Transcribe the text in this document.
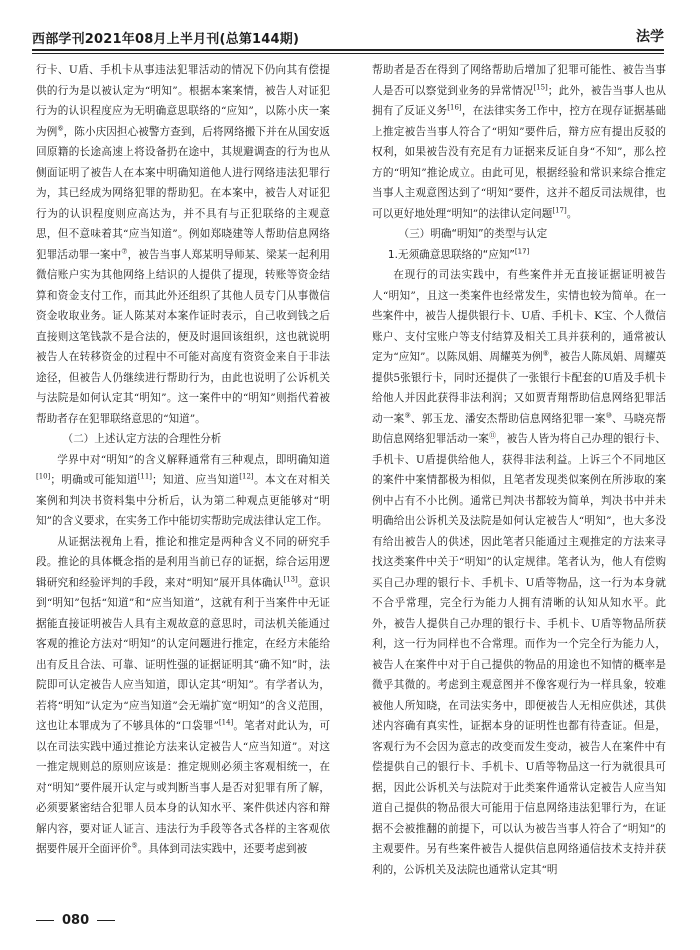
西部学刊2021年08月上半月刊(总第144期)	法学

行卡、U盾、手机卡从事违法犯罪活动的情况下仍向其有偿提供的行为是以被认定为“明知”。根据本案案情，被告人对证犯行为的认识程度应为无明确意思联络的“应知”，以陈小庆一案为例⑥，陈小庆因担心被警方查到，后将网络搬下并在从国安返回原籍的长途高速上将设备扔在途中，其规避调查的行为也从侧面证明了被告人在本案中明确知道他人进行网络违法犯罪行为，其已经成为网络犯罪的帮助犯。在本案中，被告人对证犯行为的认识程度则应高达为，并不具有与正犯联络的主观意思，但不意味着其“应当知道”。例如郑晓建等人帮助信息网络犯罪活动罪一案中⑦，被告当事人郑某明导师某、梁某一起利用微信账户实为其他网络上结识的人提供了提现，转账等资金结算和资金支付工作，而其此外还组织了其他人员专门从事微信资金收取业务。证人陈某对本案作证时表示，自己收到钱之后直接则这笔钱款不是合法的，便及时退回该组织，这也就说明被告人在转移资金的过程中不可能对高度有资资金来自于非法途径，但被告人仍继续进行帮助行为，由此也说明了公诉机关与法院是如何认定其“明知”。这一案件中的“明知”则指代着被帮助者存在犯罪联络意思的“知道”。

（二）上述认定方法的合理性分析

学界中对“明知”的含义解释通常有三种观点，即明确知道[10]；明确或可能知道[11]；知道、应当知道[12]。本文在对相关案例和判决书资料集中分析后，认为第二种观点更能够对“明知”的含义要求，在实务工作中能切实帮助完成法律认定工作。

从证据法视角上看，推论和推定是两种含义不同的研究手段。推论的具体概念指的是利用当前已存的证据，综合运用逻辑研究和经验评判的手段，来对“明知”展开具体确认[13]。意识到“明知”包括“知道”和“应当知道”，这就有利于当案件中无证据能直接证明被告人具有主观故意的意思时，司法机关能通过客观的推论方法对“明知”的认定问题进行推定，在经方未能给出有反且合法、可靠、证明性强的证据证明其“确不知”时，法院即可认定被告人应当知道，即认定其“明知”。有学者认为，若将“明知”认定为“应当知道”会无端扩宽“明知”的含义范围，这也让本罪成为了不够具体的“口袋罪”[14]。笔者对此认为，可以在司法实践中通过推论方法来认定被告人“应当知道”。对这一推定规则总的原则应该是：推定规则必须主客观相统一，在对“明知”要件展开认定与或判断当事人是否对犯罪有所了解，必须要紧密结合犯罪人员本身的认知水平、案件供述内容和辩解内容，要对证人证言、违法行为手段等各式各样的主客观依据要件展开全面评价⑤。具体到司法实践中，还要考虑到被

帮助者是否在得到了网络帮助后增加了犯罪可能性、被告当事人是否可以察觉到业务的异常情况[15]；此外，被告当事人也从拥有了反证义务[16]，在法律实务工作中，控方在现存证据基础上推定被告当事人符合了“明知”要件后，辩方应有提出反驳的权利，如果被告没有充足有力证据来反证自身“不知”，那么控方的“明知”推论成立。由此可见，根据经验和常识来综合推定当事人主观意图达到了“明知”要件，这并不超反司法规律，也可以更好地处理“明知”的法律认定问题[17]。

（三）明确“明知”的类型与认定
1.无须确意思联络的“应知”[17]

在现行的司法实践中，有些案件并无直接证据证明被告人“明知”，且这一类案件也经常发生，实情也较为简单。在一些案件中，被告人提供银行卡、U盾、手机卡、K宝、个人微信账户、支付宝账户等支付结算及相关工具并获利的，通常被认定为“应知”。以陈凤娟、周耀英为例⑧，被告人陈凤娟、周耀英提供5张银行卡，同时还提供了一张银行卡配套的U盾及手机卡给他人并因此获得非法利润；又如贾青翔帮助信息网络犯罪活动一案⑨、郭玉龙、潘安杰帮助信息网络犯罪一案⑩、马晓亮帮助信息网络犯罪活动一案⑪，被告人皆为将自己办理的银行卡、手机卡、U盾提供给他人，获得非法利益。上诉三个不同地区的案件中案情都极为相似，且笔者发现类似案例在所涉取的案例中占有不小比例。通常已判决书都较为简单，判决书中并未明确给出公诉机关及法院是如何认定被告人“明知”，也大多没有给出被告人的供述，因此笔者只能通过主观推定的方法来寻找这类案件中关于“明知”的认定规律。笔者认为，他人有偿购买自己办理的银行卡、手机卡、U盾等物品，这一行为本身就不合乎常理，完全行为能力人拥有清晰的认知从知水平。此外，被告人提供自己办理的银行卡、手机卡、U盾等物品所获利，这一行为同样也不合常理。而作为一个完全行为能力人，被告人在案件中对于自己提供的物品的用途也不知情的概率是微乎其微的。考虑到主观意图并不像客观行为一样具象，较难被他人所知晓，在司法实务中，即便被告人无相应供述，其供述内容确有真实性，证据本身的证明性也都有待查证。但是，客观行为不会因为意志的改变而发生变动，被告人在案件中有偿提供自己的银行卡、手机卡、U盾等物品这一行为就很具可据，因此公诉机关与法院对于此类案件通常认定被告人应当知道自己提供的物品很大可能用于信息网络违法犯罪行为，在证据不会被推翻的前提下，可以认为被告当事人符合了“明知”的主观要件。另有些案件被告人提供信息网络通信技术支持并获利的，公诉机关及法院也通常认定其“明

080
